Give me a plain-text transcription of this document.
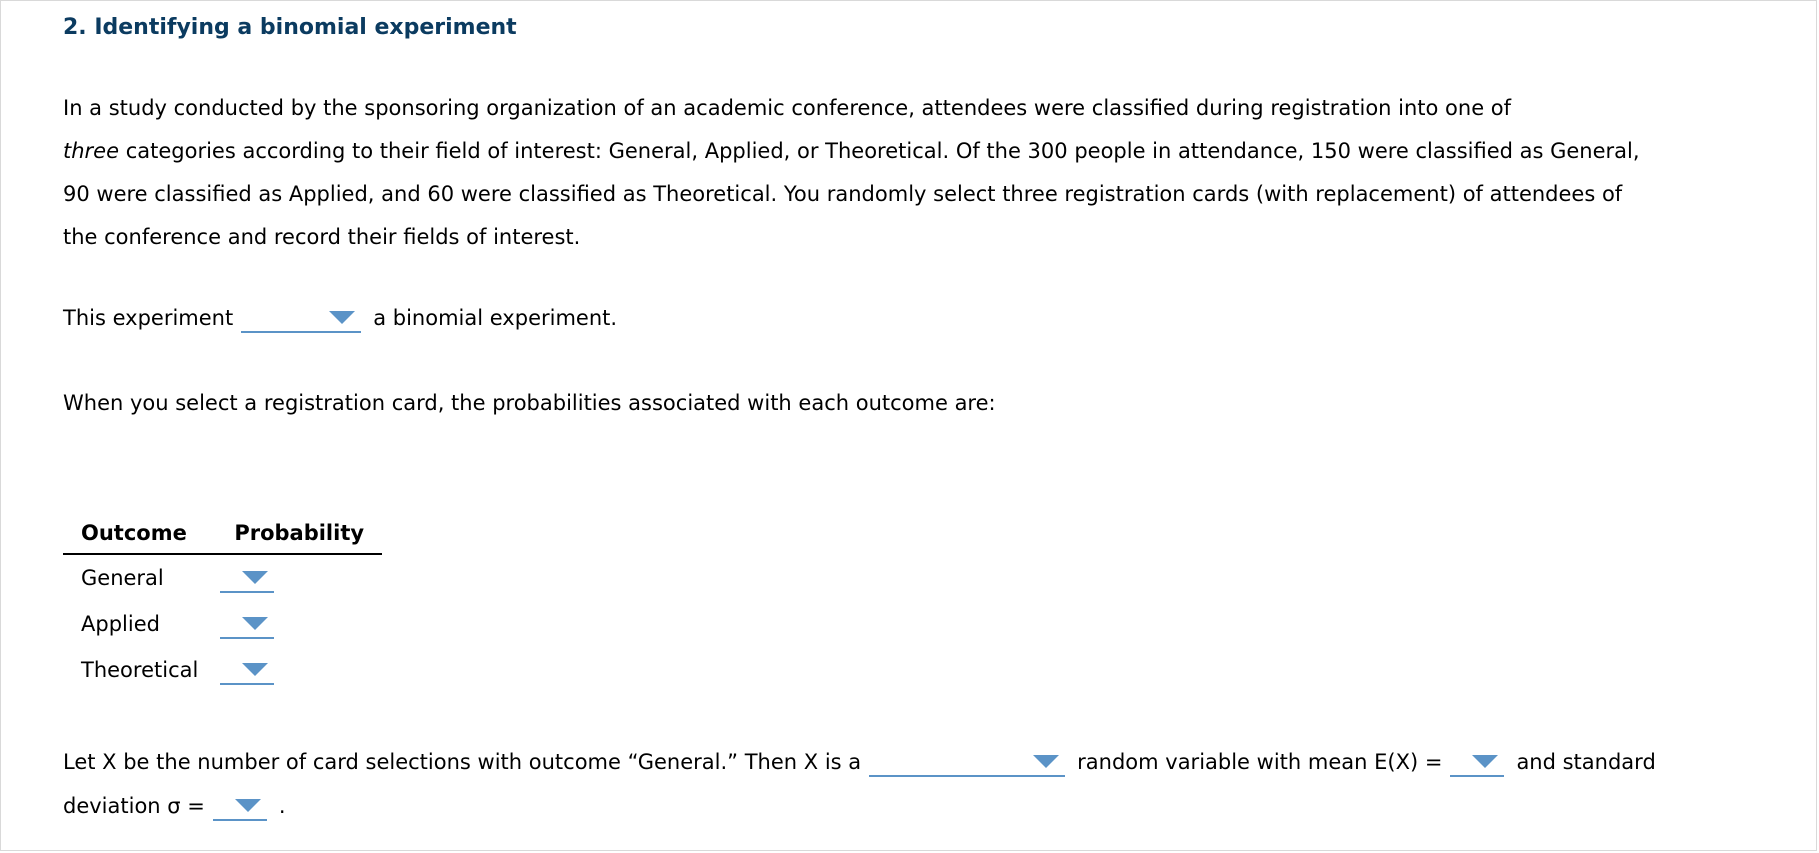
2. Identifying a binomial experiment
In a study conducted by the sponsoring organization of an academic conference, attendees were classified during registration into one of
three categories according to their field of interest: General, Applied, or Theoretical. Of the 300 people in attendance, 150 were classified as General,
90 were classified as Applied, and 60 were classified as Theoretical. You randomly select three registration cards (with replacement) of attendees of
the conference and record their fields of interest.
This experiment	a binomial experiment.
When you select a registration card, the probabilities associated with each outcome are:
Outcome	Probability
General	

Applied	

Theoretical	
Let X be the number of card selections with outcome “General.” Then X is a	random variable with mean E(X) =	and standard
deviation σ =	.
